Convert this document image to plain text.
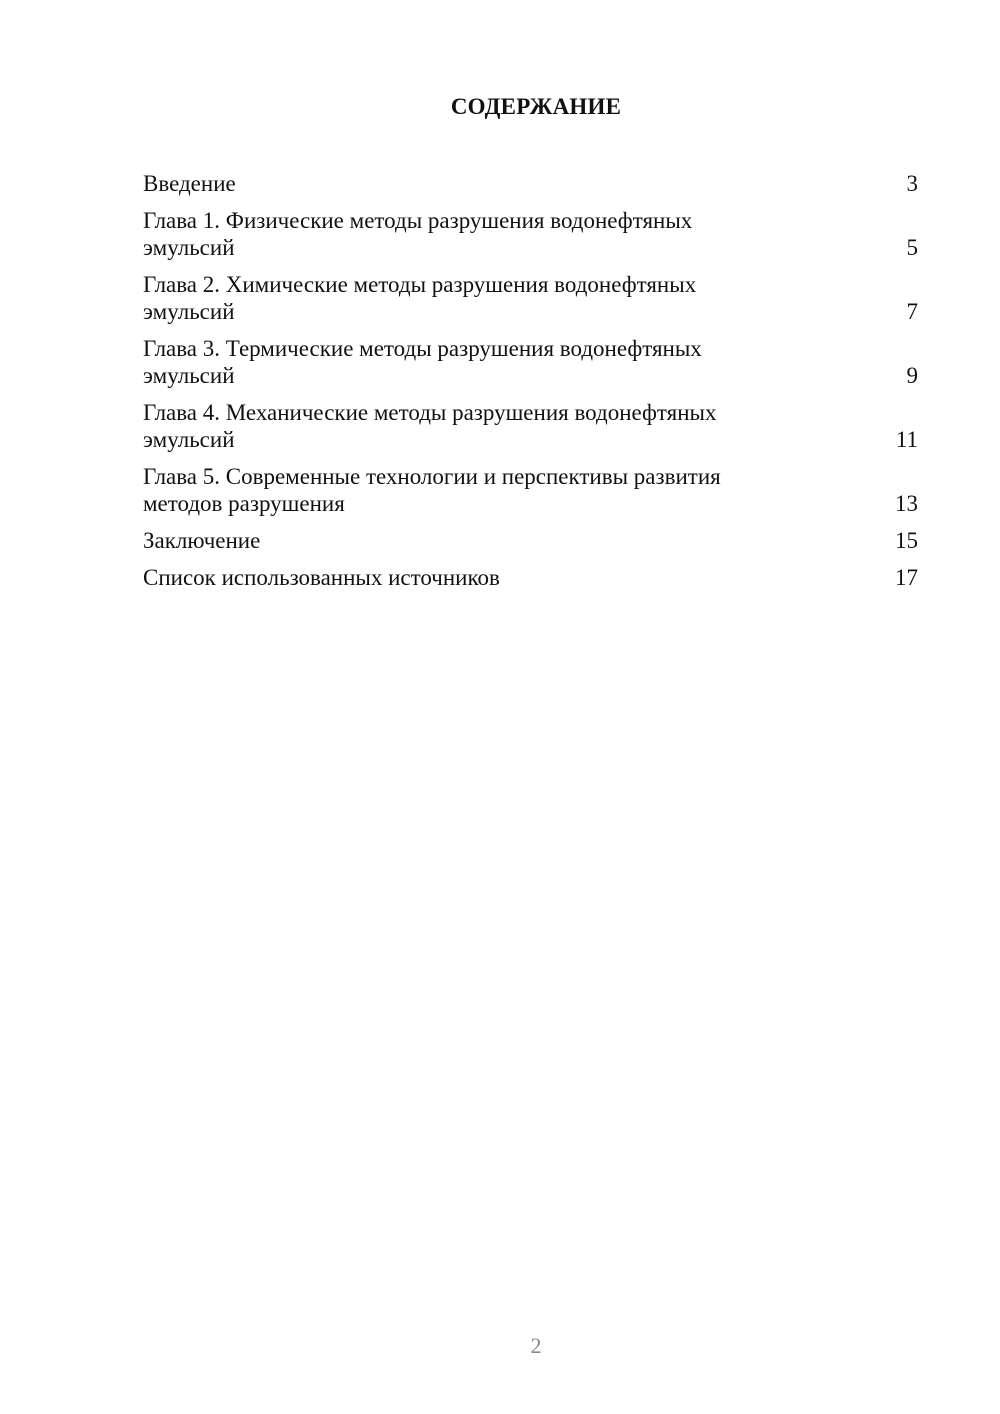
СОДЕРЖАНИЕ
Введение	3
Глава 1. Физические методы разрушения водонефтяных эмульсий	5
Глава 2. Химические методы разрушения водонефтяных эмульсий	7
Глава 3. Термические методы разрушения водонефтяных эмульсий	9
Глава 4. Механические методы разрушения водонефтяных эмульсий	11
Глава 5. Современные технологии и перспективы развития методов разрушения	13
Заключение	15
Список использованных источников	17
2
